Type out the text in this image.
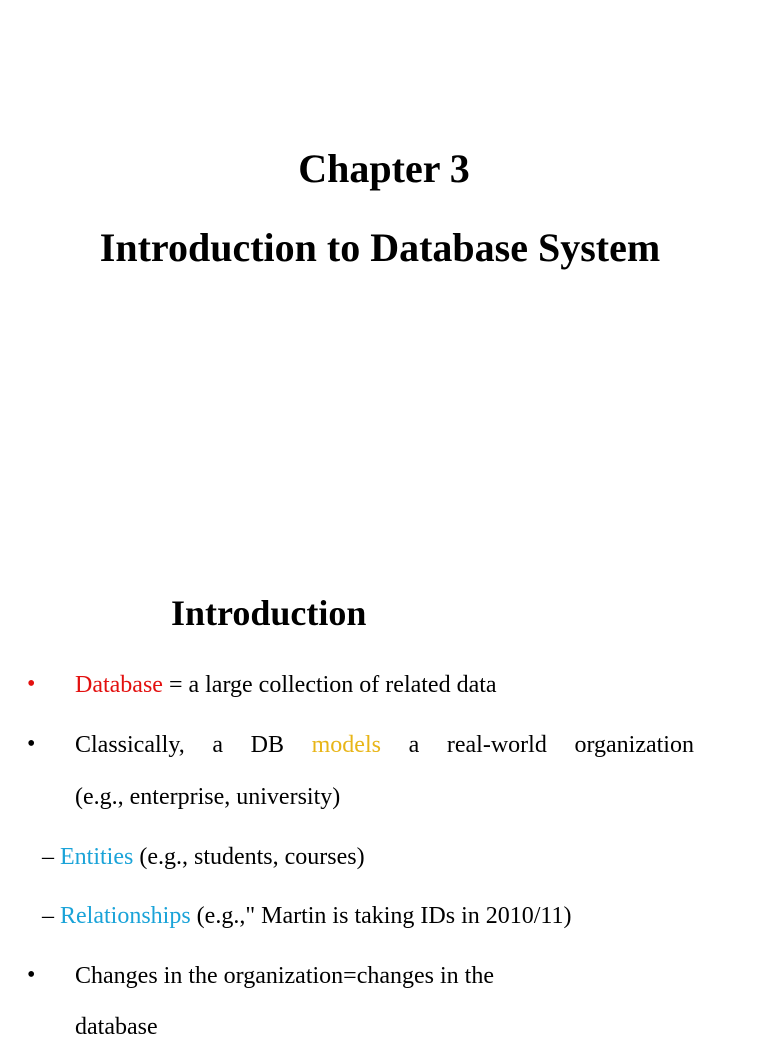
Chapter 3
Introduction to Database System
Introduction
• Database = a large collection of related data
• Classically, a DB models a real-world organization
(e.g., enterprise, university)
– Entities (e.g., students, courses)
– Relationships (e.g.," Martin is taking IDs in 2010/11)
• Changes in the organization=changes in the
database
